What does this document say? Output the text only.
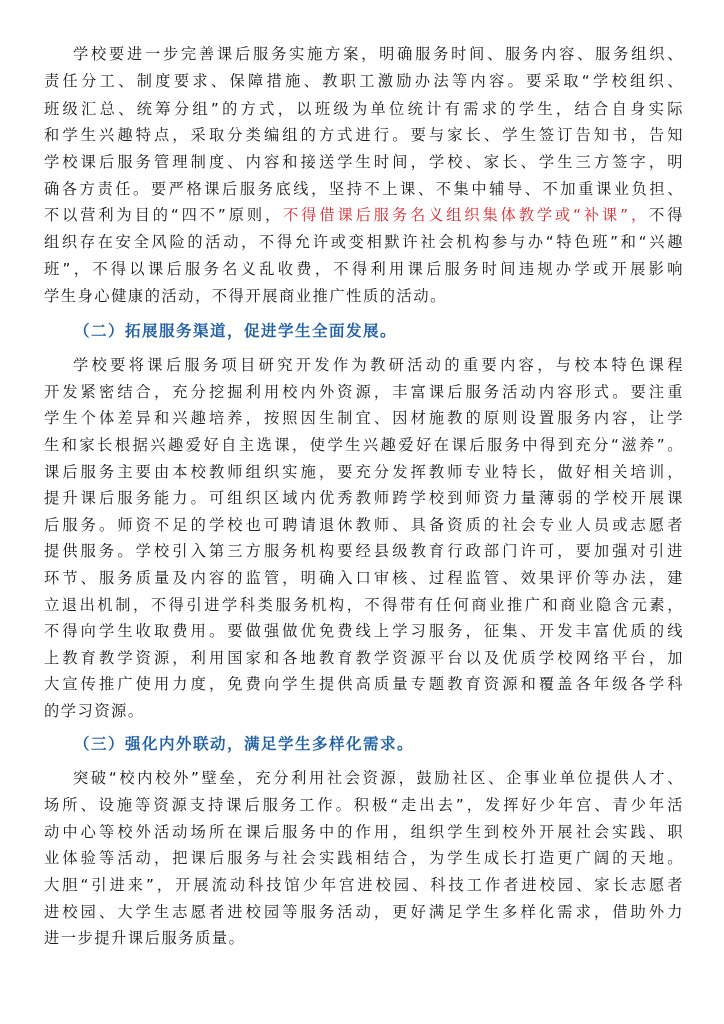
学校要进一步完善课后服务实施方案，明确服务时间、服务内容、服务组织、
责任分工、制度要求、保障措施、教职工激励办法等内容。要采取“学校组织、
班级汇总、统筹分组”的方式，以班级为单位统计有需求的学生，结合自身实际
和学生兴趣特点，采取分类编组的方式进行。要与家长、学生签订告知书，告知
学校课后服务管理制度、内容和接送学生时间，学校、家长、学生三方签字，明
确各方责任。要严格课后服务底线，坚持不上课、不集中辅导、不加重课业负担、
不以营利为目的“四不”原则，不得借课后服务名义组织集体教学或“补课”，不得
组织存在安全风险的活动，不得允许或变相默许社会机构参与办“特色班”和“兴趣
班”，不得以课后服务名义乱收费，不得利用课后服务时间违规办学或开展影响
学生身心健康的活动，不得开展商业推广性质的活动。
（二）拓展服务渠道，促进学生全面发展。
学校要将课后服务项目研究开发作为教研活动的重要内容，与校本特色课程
开发紧密结合，充分挖掘利用校内外资源，丰富课后服务活动内容形式。要注重
学生个体差异和兴趣培养，按照因生制宜、因材施教的原则设置服务内容，让学
生和家长根据兴趣爱好自主选课，使学生兴趣爱好在课后服务中得到充分“滋养”。
课后服务主要由本校教师组织实施，要充分发挥教师专业特长，做好相关培训，
提升课后服务能力。可组织区域内优秀教师跨学校到师资力量薄弱的学校开展课
后服务。师资不足的学校也可聘请退休教师、具备资质的社会专业人员或志愿者
提供服务。学校引入第三方服务机构要经县级教育行政部门许可，要加强对引进
环节、服务质量及内容的监管，明确入口审核、过程监管、效果评价等办法，建
立退出机制，不得引进学科类服务机构，不得带有任何商业推广和商业隐含元素，
不得向学生收取费用。要做强做优免费线上学习服务，征集、开发丰富优质的线
上教育教学资源，利用国家和各地教育教学资源平台以及优质学校网络平台，加
大宣传推广使用力度，免费向学生提供高质量专题教育资源和覆盖各年级各学科
的学习资源。
（三）强化内外联动，满足学生多样化需求。
突破“校内校外”壁垒，充分利用社会资源，鼓励社区、企事业单位提供人才、
场所、设施等资源支持课后服务工作。积极“走出去”，发挥好少年宫、青少年活
动中心等校外活动场所在课后服务中的作用，组织学生到校外开展社会实践、职
业体验等活动，把课后服务与社会实践相结合，为学生成长打造更广阔的天地。
大胆“引进来”，开展流动科技馆少年宫进校园、科技工作者进校园、家长志愿者
进校园、大学生志愿者进校园等服务活动，更好满足学生多样化需求，借助外力
进一步提升课后服务质量。
